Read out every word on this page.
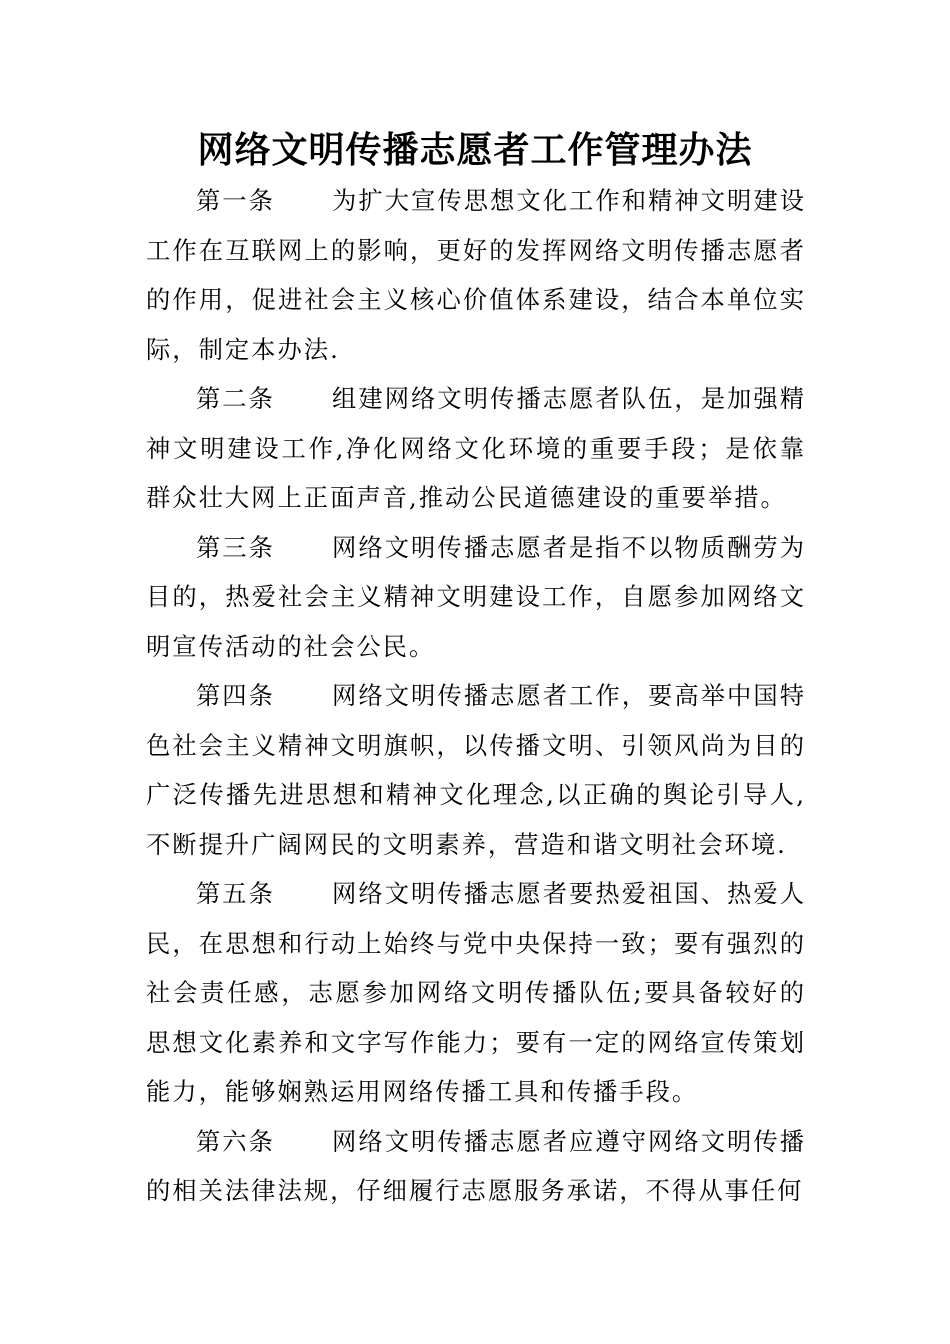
网络文明传播志愿者工作管理办法

第一条 为扩大宣传思想文化工作和精神文明建设工作在互联网上的影响，更好的发挥网络文明传播志愿者的作用，促进社会主义核心价值体系建设，结合本单位实际，制定本办法.

第二条 组建网络文明传播志愿者队伍，是加强精神文明建设工作,净化网络文化环境的重要手段；是依靠群众壮大网上正面声音,推动公民道德建设的重要举措。

第三条 网络文明传播志愿者是指不以物质酬劳为目的，热爱社会主义精神文明建设工作，自愿参加网络文明宣传活动的社会公民。

第四条 网络文明传播志愿者工作，要高举中国特色社会主义精神文明旗帜，以传播文明、引领风尚为目的广泛传播先进思想和精神文化理念,以正确的舆论引导人,不断提升广阔网民的文明素养，营造和谐文明社会环境.

第五条 网络文明传播志愿者要热爱祖国、热爱人民，在思想和行动上始终与党中央保持一致；要有强烈的社会责任感，志愿参加网络文明传播队伍;要具备较好的思想文化素养和文字写作能力；要有一定的网络宣传策划能力，能够娴熟运用网络传播工具和传播手段。

第六条 网络文明传播志愿者应遵守网络文明传播的相关法律法规，仔细履行志愿服务承诺，不得从事任何
